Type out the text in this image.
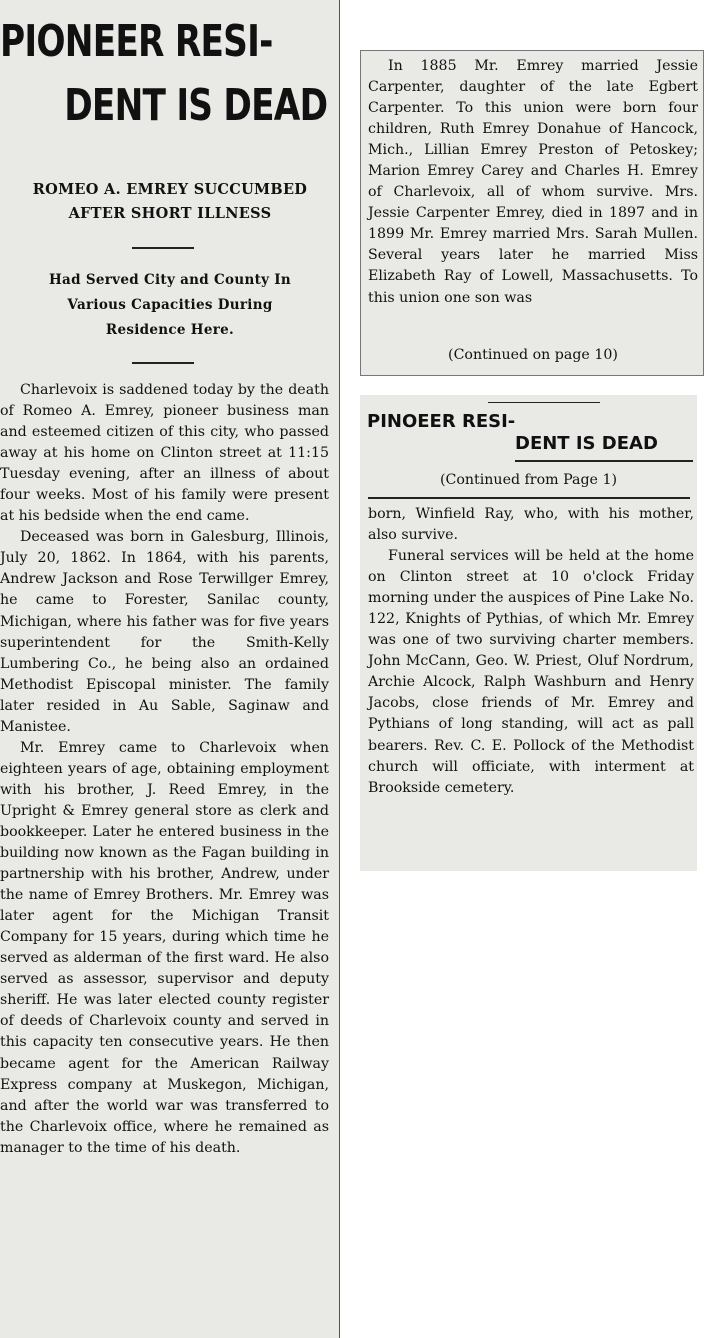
PIONEER RESI-
DENT IS DEAD
ROMEO A. EMREY SUCCUMBED
AFTER SHORT ILLNESS
Had Served City and County In
Various Capacities During
Residence Here.

Charlevoix is saddened today by the death of Romeo A. Emrey, pioneer business man and esteemed citizen of this city, who passed away at his home on Clinton street at 11:15 Tuesday evening, after an illness of about four weeks. Most of his family were present at his bedside when the end came.

Deceased was born in Galesburg, Illinois, July 20, 1862. In 1864, with his parents, Andrew Jackson and Rose Terwillger Emrey, he came to Forester, Sanilac county, Michigan, where his father was for five years superintendent for the Smith-Kelly Lumbering Co., he being also an ordained Methodist Episcopal minister. The family later resided in Au Sable, Saginaw and Manistee.

Mr. Emrey came to Charlevoix when eighteen years of age, obtaining employment with his brother, J. Reed Emrey, in the Upright & Emrey general store as clerk and bookkeeper. Later he entered business in the building now known as the Fagan building in partnership with his brother, Andrew, under the name of Emrey Brothers. Mr. Emrey was later agent for the Michigan Transit Company for 15 years, during which time he served as alderman of the first ward. He also served as assessor, supervisor and deputy sheriff. He was later elected county register of deeds of Charlevoix county and served in this capacity ten consecutive years. He then became agent for the American Railway Express company at Muskegon, Michigan, and after the world war was transferred to the Charlevoix office, where he remained as manager to the time of his death.

In 1885 Mr. Emrey married Jessie Carpenter, daughter of the late Egbert Carpenter. To this union were born four children, Ruth Emrey Donahue of Hancock, Mich., Lillian Emrey Preston of Petoskey; Marion Emrey Carey and Charles H. Emrey of Charlevoix, all of whom survive. Mrs. Jessie Carpenter Emrey, died in 1897 and in 1899 Mr. Emrey married Mrs. Sarah Mullen. Several years later he married Miss Elizabeth Ray of Lowell, Massachusetts. To this union one son was

(Continued on page 10)
PINOEER RESI-
DENT IS DEAD
(Continued from Page 1)

born, Winfield Ray, who, with his mother, also survive.

Funeral services will be held at the home on Clinton street at 10 o'clock Friday morning under the auspices of Pine Lake No. 122, Knights of Pythias, of which Mr. Emrey was one of two surviving charter members. John McCann, Geo. W. Priest, Oluf Nordrum, Archie Alcock, Ralph Washburn and Henry Jacobs, close friends of Mr. Emrey and Pythians of long standing, will act as pall bearers. Rev. C. E. Pollock of the Methodist church will officiate, with interment at Brookside cemetery.
